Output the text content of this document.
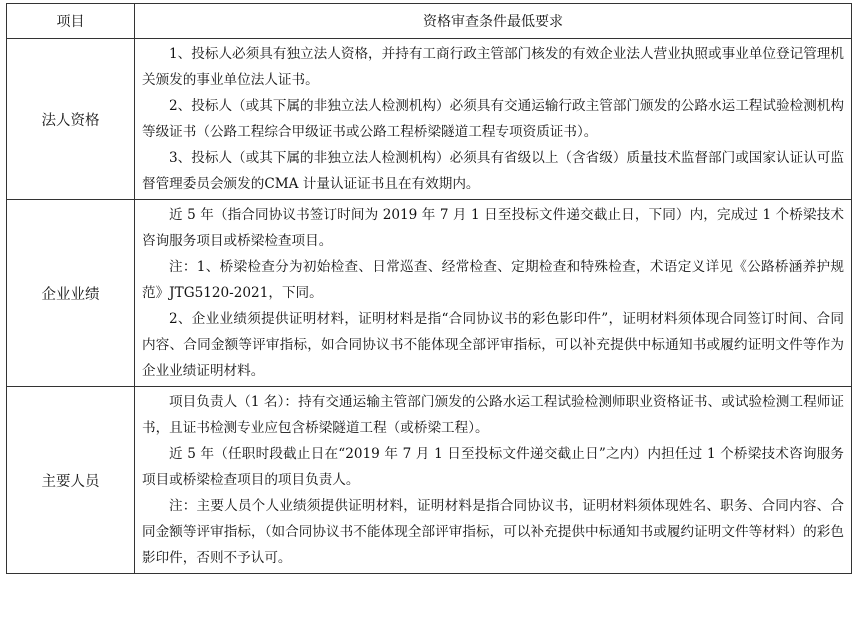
项目	资格审查条件最低要求
法人资格	1、投标人必须具有独立法人资格，并持有工商行政主管部门核发的有效企业法人营业执照或事业单位登记管理机关颁发的事业单位法人证书。

2、投标人（或其下属的非独立法人检测机构）必须具有交通运输行政主管部门颁发的公路水运工程试验检测机构等级证书（公路工程综合甲级证书或公路工程桥梁隧道工程专项资质证书）。

3、投标人（或其下属的非独立法人检测机构）必须具有省级以上（含省级）质量技术监督部门或国家认证认可监督管理委员会颁发的CMA 计量认证证书且在有效期内。

企业业绩	近 5 年（指合同协议书签订时间为 2019 年 7 月 1 日至投标文件递交截止日，下同）内，完成过 1 个桥梁技术咨询服务项目或桥梁检查项目。

注：1、桥梁检查分为初始检查、日常巡查、经常检查、定期检查和特殊检查，术语定义详见《公路桥涵养护规范》JTG5120-2021，下同。

2、企业业绩须提供证明材料，证明材料是指“合同协议书的彩色影印件”，证明材料须体现合同签订时间、合同内容、合同金额等评审指标，如合同协议书不能体现全部评审指标，可以补充提供中标通知书或履约证明文件等作为企业业绩证明材料。

主要人员	项目负责人（1 名）：持有交通运输主管部门颁发的公路水运工程试验检测师职业资格证书、或试验检测工程师证书，且证书检测专业应包含桥梁隧道工程（或桥梁工程）。

近 5 年（任职时段截止日在“2019 年 7 月 1 日至投标文件递交截止日”之内）内担任过 1 个桥梁技术咨询服务项目或桥梁检查项目的项目负责人。

注：主要人员个人业绩须提供证明材料，证明材料是指合同协议书，证明材料须体现姓名、职务、合同内容、合同金额等评审指标，（如合同协议书不能体现全部评审指标，可以补充提供中标通知书或履约证明文件等材料）的彩色影印件，否则不予认可。
